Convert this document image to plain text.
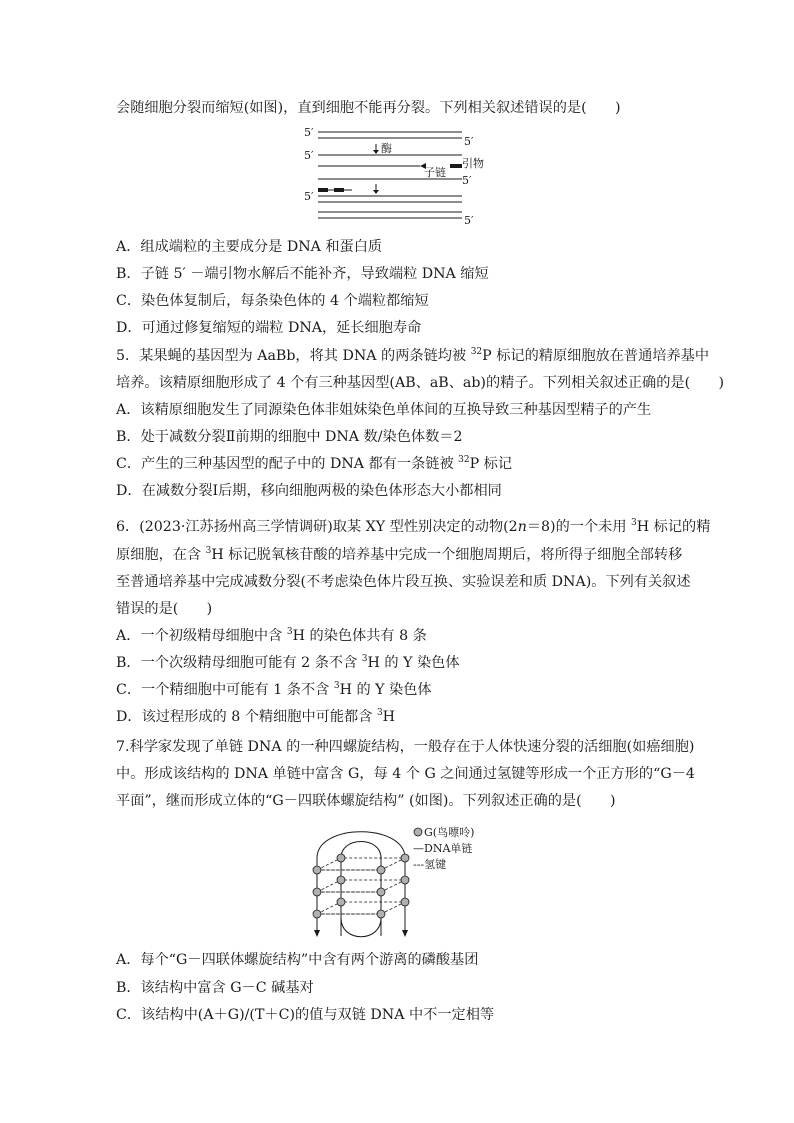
会随细胞分裂而缩短(如图)，直到细胞不能再分裂。下列相关叙述错误的是(　　)
5′
5′
5′
酶
引物
子链
5′
5′
5′
A．组成端粒的主要成分是 DNA 和蛋白质
B．子链 5′ －端引物水解后不能补齐，导致端粒 DNA 缩短
C．染色体复制后，每条染色体的 4 个端粒都缩短
D．可通过修复缩短的端粒 DNA，延长细胞寿命
5．某果蝇的基因型为 AaBb，将其 DNA 的两条链均被 $^{32}$P 标记的精原细胞放在普通培养基中
培养。该精原细胞形成了 4 个有三种基因型(AB、aB、ab)的精子。下列相关叙述正确的是(　　)
A．该精原细胞发生了同源染色体非姐妹染色单体间的互换导致三种基因型精子的产生
B．处于减数分裂Ⅱ前期的细胞中 DNA 数/染色体数＝2
C．产生的三种基因型的配子中的 DNA 都有一条链被 $^{32}$P 标记
D．在减数分裂Ⅰ后期，移向细胞两极的染色体形态大小都相同
6．(2023·江苏扬州高三学情调研)取某 XY 型性别决定的动物(2n＝8)的一个未用 $^3$H 标记的精
原细胞，在含 $^3$H 标记脱氧核苷酸的培养基中完成一个细胞周期后，将所得子细胞全部转移
至普通培养基中完成减数分裂(不考虑染色体片段互换、实验误差和质 DNA)。下列有关叙述
错误的是(　　)
A．一个初级精母细胞中含 $^3$H 的染色体共有 8 条
B．一个次级精母细胞可能有 2 条不含 $^3$H 的 Y 染色体
C．一个精细胞中可能有 1 条不含 $^3$H 的 Y 染色体
D．该过程形成的 8 个精细胞中可能都含 $^3$H
7.科学家发现了单链 DNA 的一种四螺旋结构，一般存在于人体快速分裂的活细胞(如癌细胞)
中。形成该结构的 DNA 单链中富含 G，每 4 个 G 之间通过氢键等形成一个正方形的“G－4
平面”，继而形成立体的“G－四联体螺旋结构” (如图)。下列叙述正确的是(　　)
G(鸟嘌呤)
—DNA单链
---氢键
A．每个“G－四联体螺旋结构”中含有两个游离的磷酸基团
B．该结构中富含 G－C 碱基对
C．该结构中(A＋G)/(T＋C)的值与双链 DNA 中不一定相等
